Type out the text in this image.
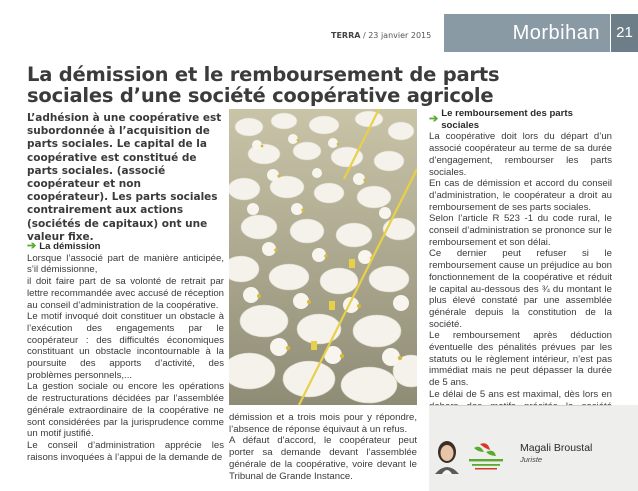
TERRA / 23 janvier 2015	Morbihan	21
La démission et le remboursement de parts sociales d’une société coopérative agricole

L’adhésion à une coopérative est subordonnée à l’acquisition de parts sociales. Le capital de la coopérative est constitué de parts sociales. (associé coopérateur et non coopérateur). Les parts sociales contrairement aux actions (sociétés de capitaux) ont une valeur fixe.

➔ La démission

Lorsque l’associé part de manière anticipée, s’il démissionne,

il doit faire part de sa volonté de retrait par lettre recommandée avec accusé de réception au conseil d’administration de la coopérative.

Le motif invoqué doit constituer un obstacle à l’exécution des engagements par le coopérateur : des difficultés économiques constituant un obstacle incontournable à la poursuite des apports d’activité, des problèmes personnels,...

La gestion sociale ou encore les opérations de restructurations décidées par l’assemblée générale extraordinaire de la coopérative ne sont considérées par la jurisprudence comme un motif justifié.

Le conseil d’administration apprécie les raisons invoquées à l’appui de la demande de

démission et a trois mois pour y répondre, l’absence de réponse équivaut à un refus.

A défaut d’accord, le coopérateur peut porter sa demande devant l’assemblée générale de la coopérative, voire devant le Tribunal de Grande Instance.

➔ Le remboursement des parts sociales

La coopérative doit lors du départ d’un associé coopérateur au terme de sa durée d’engagement, rembourser les parts sociales.

En cas de démission et accord du conseil d’administration, le coopérateur a droit au remboursement de ses parts sociales.

Selon l’article R 523 -1 du code rural, le conseil d’administration se prononce sur le remboursement et son délai.

Ce dernier peut refuser si le remboursement cause un préjudice au bon fonctionnement de la coopérative et réduit le capital au-dessous des ¾ du montant le plus élevé constaté par une assemblée générale depuis la constitution de la société.

Le remboursement après déduction éventuelle des pénalités prévues par les statuts ou le règlement intérieur, n’est pas immédiat mais ne peut dépasser la durée de 5 ans.

Le délai de 5 ans est maximal, dès lors en

Magali Broustal
Juriste
